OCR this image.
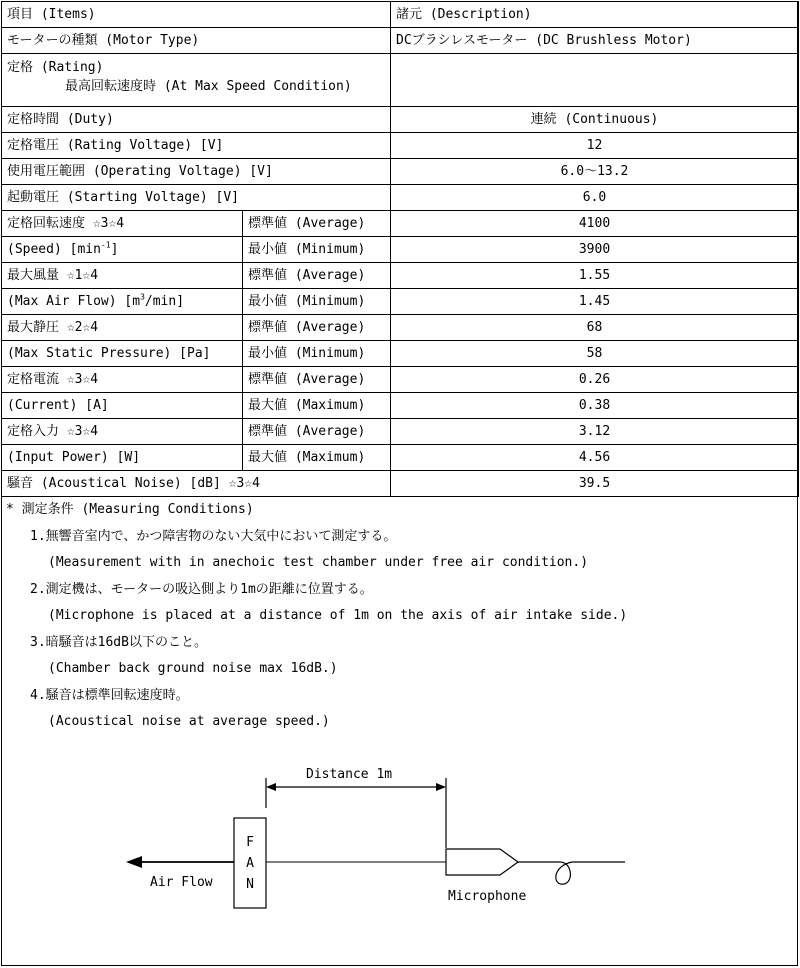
項目 (Items)		諸元 (Description)
モーターの種類 (Motor Type)		DCブラシレスモーター (DC Brushless Motor)

定格 (Rating)
最高回転速度時 (At Max Speed Condition)		

定格時間 (Duty)		連続 (Continuous)
定格電圧 (Rating Voltage) [V]		12
使用電圧範囲 (Operating Voltage) [V]		6.0～13.2
起動電圧 (Starting Voltage) [V]		6.0
定格回転速度 ☆3☆4	標準値 (Average)	4100
(Speed) $[\min^{-1}]$	最小値 (Minimum)	3900
最大風量 ☆1☆4	標準値 (Average)	1.55
(Max Air Flow) $[m^3/\min]$	最小値 (Minimum)	1.45
最大静圧 ☆2☆4	標準値 (Average)	68
(Max Static Pressure) [Pa]	最小値 (Minimum)	58
定格電流 ☆3☆4	標準値 (Average)	0.26
(Current) [A]	最大値 (Maximum)	0.38
定格入力 ☆3☆4	標準値 (Average)	3.12
(Input Power) [W]	最大値 (Maximum)	4.56
騒音 (Acoustical Noise) [dB] ☆3☆4		39.5
* 測定条件 (Measuring Conditions)
1.無響音室内で、かつ障害物のない大気中において測定する。
(Measurement with in anechoic test chamber under free air condition.)
2.測定機は、モーターの吸込側より1mの距離に位置する。
(Microphone is placed at a distance of 1m on the axis of air intake side.)
3.暗騒音は16dB以下のこと。
(Chamber back ground noise max 16dB.)
4.騒音は標準回転速度時。
(Acoustical noise at average speed.)
Distance 1m
F
A
N
Air Flow
Microphone
